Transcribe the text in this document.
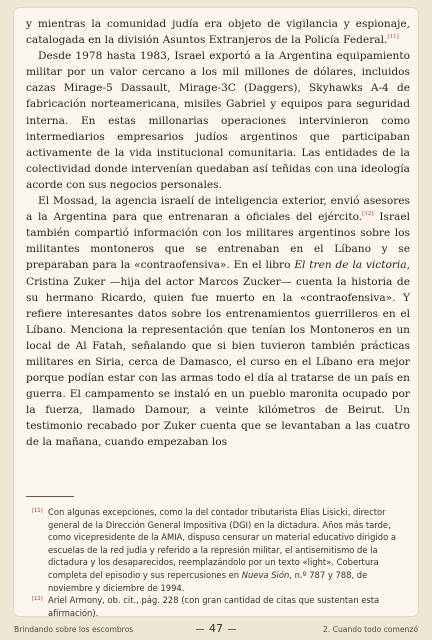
y mientras la comunidad judía era objeto de vigilancia y espionaje, catalogada en la división Asuntos Extranjeros de la Policía Federal.[11]

Desde 1978 hasta 1983, Israel exportó a la Argentina equipamiento militar por un valor cercano a los mil millones de dólares, incluidos cazas Mirage-5 Dassault, Mirage-3C (Daggers), Skyhawks A-4 de fabricación norteamericana, misiles Gabriel y equipos para seguridad interna. En estas millonarias operaciones intervinieron como intermediarios empresarios judíos argentinos que participaban activamente de la vida institucional comunitaria. Las entidades de la colectividad donde intervenían quedaban así teñidas con una ideología acorde con sus negocios personales.

El Mossad, la agencia israelí de inteligencia exterior, envió asesores a la Argentina para que entrenaran a oficiales del ejército.[12] Israel también compartió información con los militares argentinos sobre los militantes montoneros que se entrenaban en el Líbano y se preparaban para la «contraofensiva». En el libro El tren de la victoria, Cristina Zuker —hija del actor Marcos Zucker— cuenta la historia de su hermano Ricardo, quien fue muerto en la «contraofensiva». Y refiere interesantes datos sobre los entrenamientos guerrilleros en el Líbano. Menciona la representación que tenían los Montoneros en un local de Al Fatah, señalando que si bien tuvieron también prácticas militares en Siria, cerca de Damasco, el curso en el Líbano era mejor porque podían estar con las armas todo el día al tratarse de un país en guerra. El campamento se instaló en un pueblo maronita ocupado por la fuerza, llamado Damour, a veinte kilómetros de Beirut. Un testimonio recabado por Zuker cuenta que se levantaban a las cuatro de la mañana, cuando empezaban los

[11] Con algunas excepciones, como la del contador tributarista Elías Lisicki, director general de la Dirección General Impositiva (DGI) en la dictadura. Años más tarde, como vicepresidente de la AMIA, dispuso censurar un material educativo dirigido a escuelas de la red judía y referido a la represión militar, el antisemitismo de la dictadura y los desaparecidos, reemplazándolo por un texto «light». Cobertura completa del episodio y sus repercusiones en Nueva Sión, n.º 787 y 788, de noviembre y diciembre de 1994.
[12] Ariel Armony, ob. cit., pág. 228 (con gran cantidad de citas que sustentan esta afirmación).
Brindando sobre los escombros	47	2. Cuando todo comenzó
